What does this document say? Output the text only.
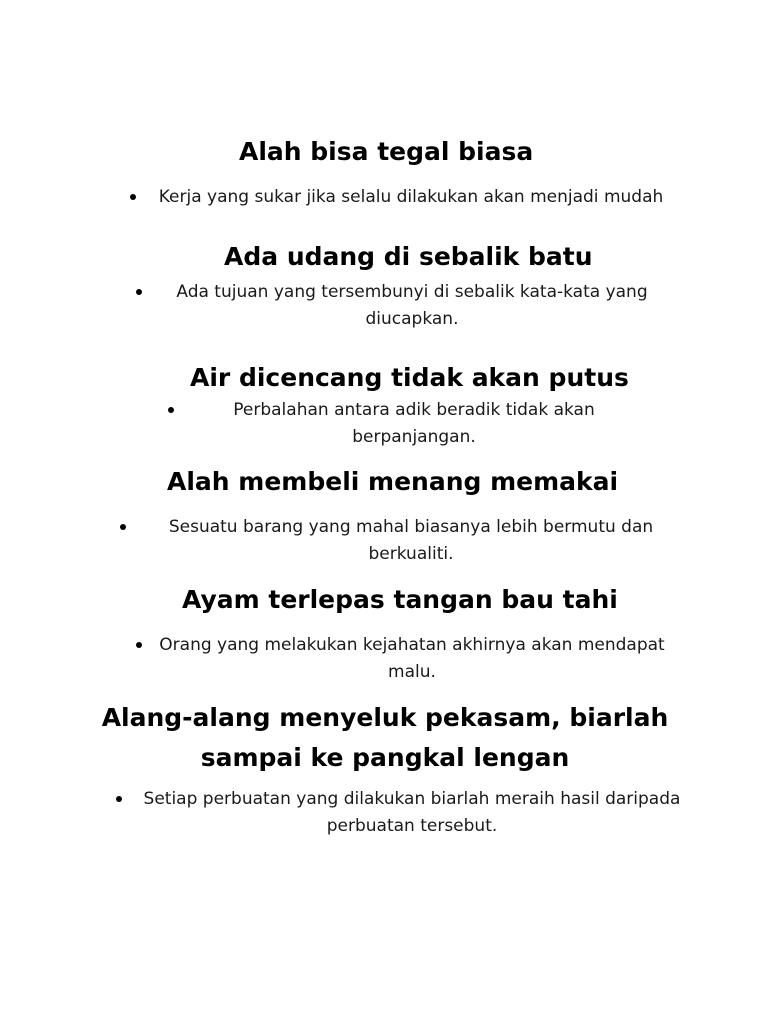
Alah bisa tegal biasa
Kerja yang sukar jika selalu dilakukan akan menjadi mudah
Ada udang di sebalik batu
Ada tujuan yang tersembunyi di sebalik kata-kata yang diucapkan.
Air dicencang tidak akan putus
Perbalahan antara adik beradik tidak akan berpanjangan.
Alah membeli menang memakai
Sesuatu barang yang mahal biasanya lebih bermutu dan berkualiti.
Ayam terlepas tangan bau tahi
Orang yang melakukan kejahatan akhirnya akan mendapat malu.
Alang-alang menyeluk pekasam, biarlah sampai ke pangkal lengan
Setiap perbuatan yang dilakukan biarlah meraih hasil daripada perbuatan tersebut.
